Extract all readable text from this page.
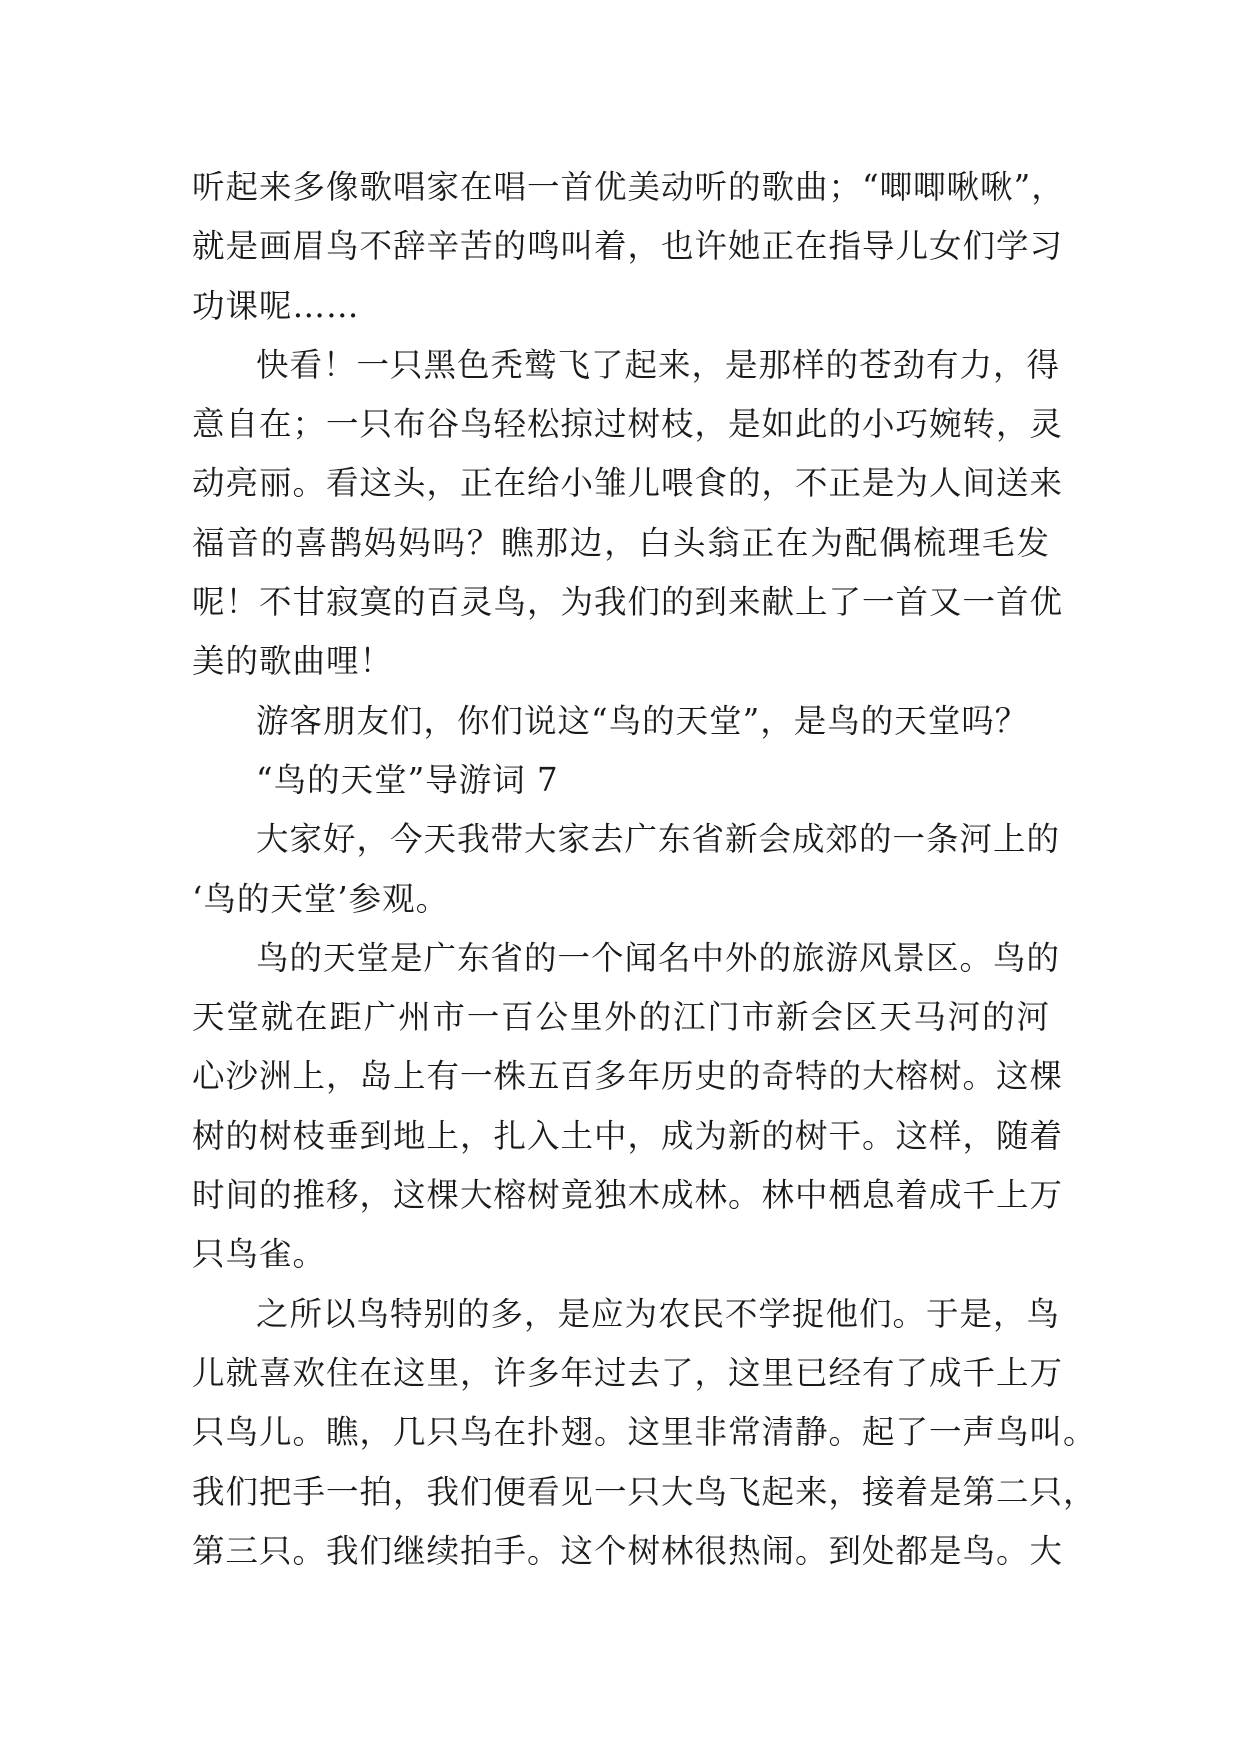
听起来多像歌唱家在唱一首优美动听的歌曲；“唧唧啾啾”，
就是画眉鸟不辞辛苦的鸣叫着，也许她正在指导儿女们学习
功课呢……
快看！一只黑色秃鹫飞了起来，是那样的苍劲有力，得
意自在；一只布谷鸟轻松掠过树枝，是如此的小巧婉转，灵
动亮丽。看这头，正在给小雏儿喂食的，不正是为人间送来
福音的喜鹊妈妈吗？瞧那边，白头翁正在为配偶梳理毛发
呢！不甘寂寞的百灵鸟，为我们的到来献上了一首又一首优
美的歌曲哩！
游客朋友们，你们说这“鸟的天堂”，是鸟的天堂吗？
“鸟的天堂”导游词 7
大家好，今天我带大家去广东省新会成郊的一条河上的
‘鸟的天堂’参观。
鸟的天堂是广东省的一个闻名中外的旅游风景区。鸟的
天堂就在距广州市一百公里外的江门市新会区天马河的河
心沙洲上，岛上有一株五百多年历史的奇特的大榕树。这棵
树的树枝垂到地上，扎入土中，成为新的树干。这样，随着
时间的推移，这棵大榕树竟独木成林。林中栖息着成千上万
只鸟雀。
之所以鸟特别的多，是应为农民不学捉他们。于是，鸟
儿就喜欢住在这里，许多年过去了，这里已经有了成千上万
只鸟儿。瞧，几只鸟在扑翅。这里非常清静。起了一声鸟叫。
我们把手一拍，我们便看见一只大鸟飞起来，接着是第二只，
第三只。我们继续拍手。这个树林很热闹。到处都是鸟。大
